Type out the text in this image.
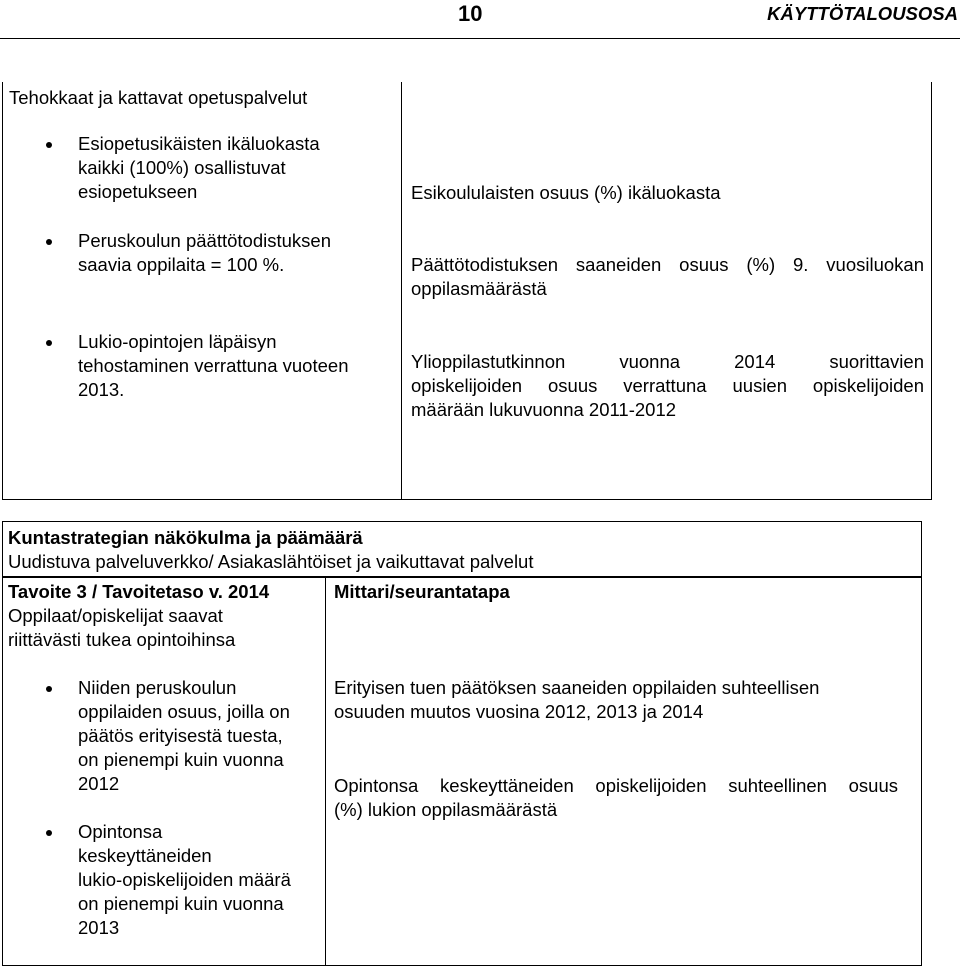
10	KÄYTTÖTALOUSOSA
Tehokkaat ja kattavat opetuspalvelut
Esiopetusikäisten ikäluokasta
kaikki (100%) osallistuvat
esiopetukseen
Peruskoulun päättötodistuksen
saavia oppilaita = 100 %.
Lukio-opintojen läpäisyn
tehostaminen verrattuna vuoteen
2013.
Esikoululaisten osuus (%) ikäluokasta
Päättötodistuksen saaneiden osuus (%) 9. vuosiluokan
oppilasmäärästä
Ylioppilastutkinnon vuonna 2014 suorittavien
opiskelijoiden osuus verrattuna uusien opiskelijoiden
määrään lukuvuonna 2011-2012
Kuntastrategian näkökulma ja päämäärä
Uudistuva palveluverkko/ Asiakaslähtöiset ja vaikuttavat palvelut
Tavoite 3 / Tavoitetaso v. 2014
Oppilaat/opiskelijat saavat
riittävästi tukea opintoihinsa
Mittari/seurantatapa
Niiden peruskoulun
oppilaiden osuus, joilla on
päätös erityisestä tuesta,
on pienempi kuin vuonna
2012
Opintonsa
keskeyttäneiden
lukio-opiskelijoiden määrä
on pienempi kuin vuonna
2013
Erityisen tuen päätöksen saaneiden oppilaiden suhteellisen
osuuden muutos vuosina 2012, 2013 ja 2014
Opintonsa keskeyttäneiden opiskelijoiden suhteellinen osuus
(%) lukion oppilasmäärästä
